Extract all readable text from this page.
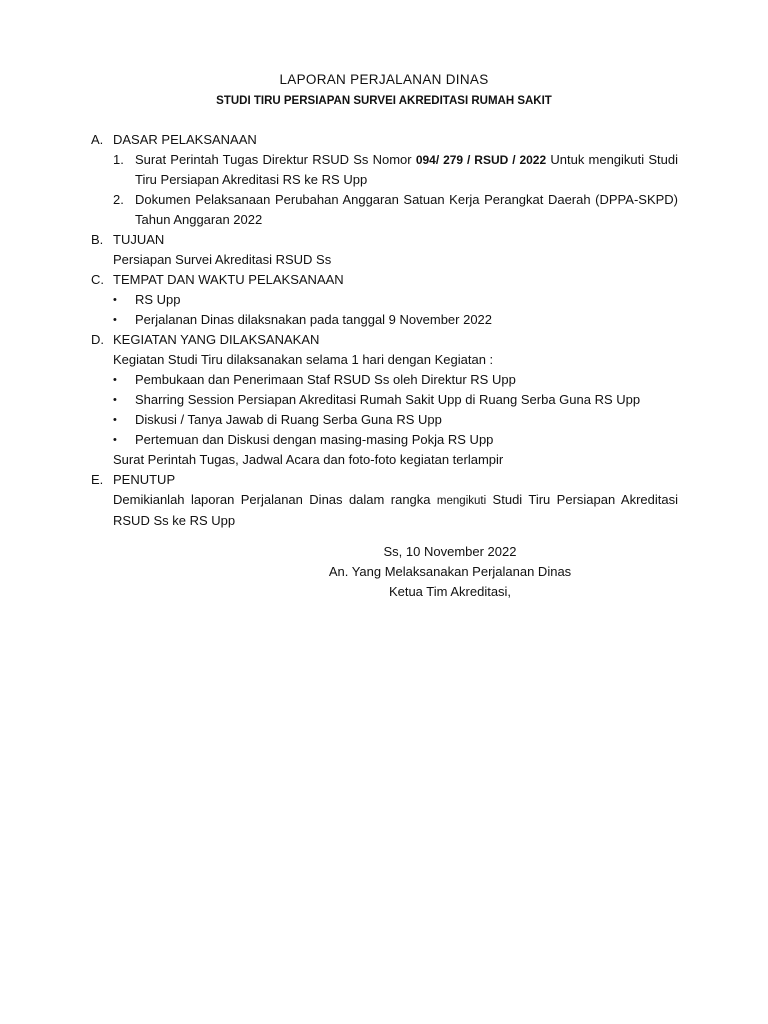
LAPORAN PERJALANAN DINAS
STUDI TIRU PERSIAPAN SURVEI AKREDITASI RUMAH SAKIT
A. DASAR PELAKSANAAN
1. Surat Perintah Tugas Direktur RSUD Ss Nomor 094/ 279 / RSUD / 2022 Untuk mengikuti Studi Tiru Persiapan Akreditasi RS ke RS Upp
2. Dokumen Pelaksanaan Perubahan Anggaran Satuan Kerja Perangkat Daerah (DPPA-SKPD) Tahun Anggaran 2022
B. TUJUAN
Persiapan Survei Akreditasi RSUD Ss
C. TEMPAT DAN WAKTU PELAKSANAAN
•	RS Upp
•	Perjalanan Dinas dilaksnakan pada tanggal 9 November 2022
D. KEGIATAN YANG DILAKSANAKAN
Kegiatan Studi Tiru dilaksanakan selama 1 hari dengan Kegiatan :
•	Pembukaan dan Penerimaan Staf RSUD Ss oleh Direktur RS Upp
•	Sharring Session Persiapan Akreditasi Rumah Sakit Upp di Ruang Serba Guna RS Upp
•	Diskusi / Tanya Jawab di Ruang Serba Guna RS Upp
•	Pertemuan dan Diskusi dengan masing-masing Pokja RS Upp
Surat Perintah Tugas, Jadwal Acara dan foto-foto kegiatan terlampir
E. PENUTUP
Demikianlah laporan Perjalanan Dinas dalam rangka mengikuti Studi Tiru Persiapan Akreditasi RSUD Ss ke RS Upp
Ss, 10 November 2022
An. Yang Melaksanakan Perjalanan Dinas
Ketua Tim Akreditasi,
